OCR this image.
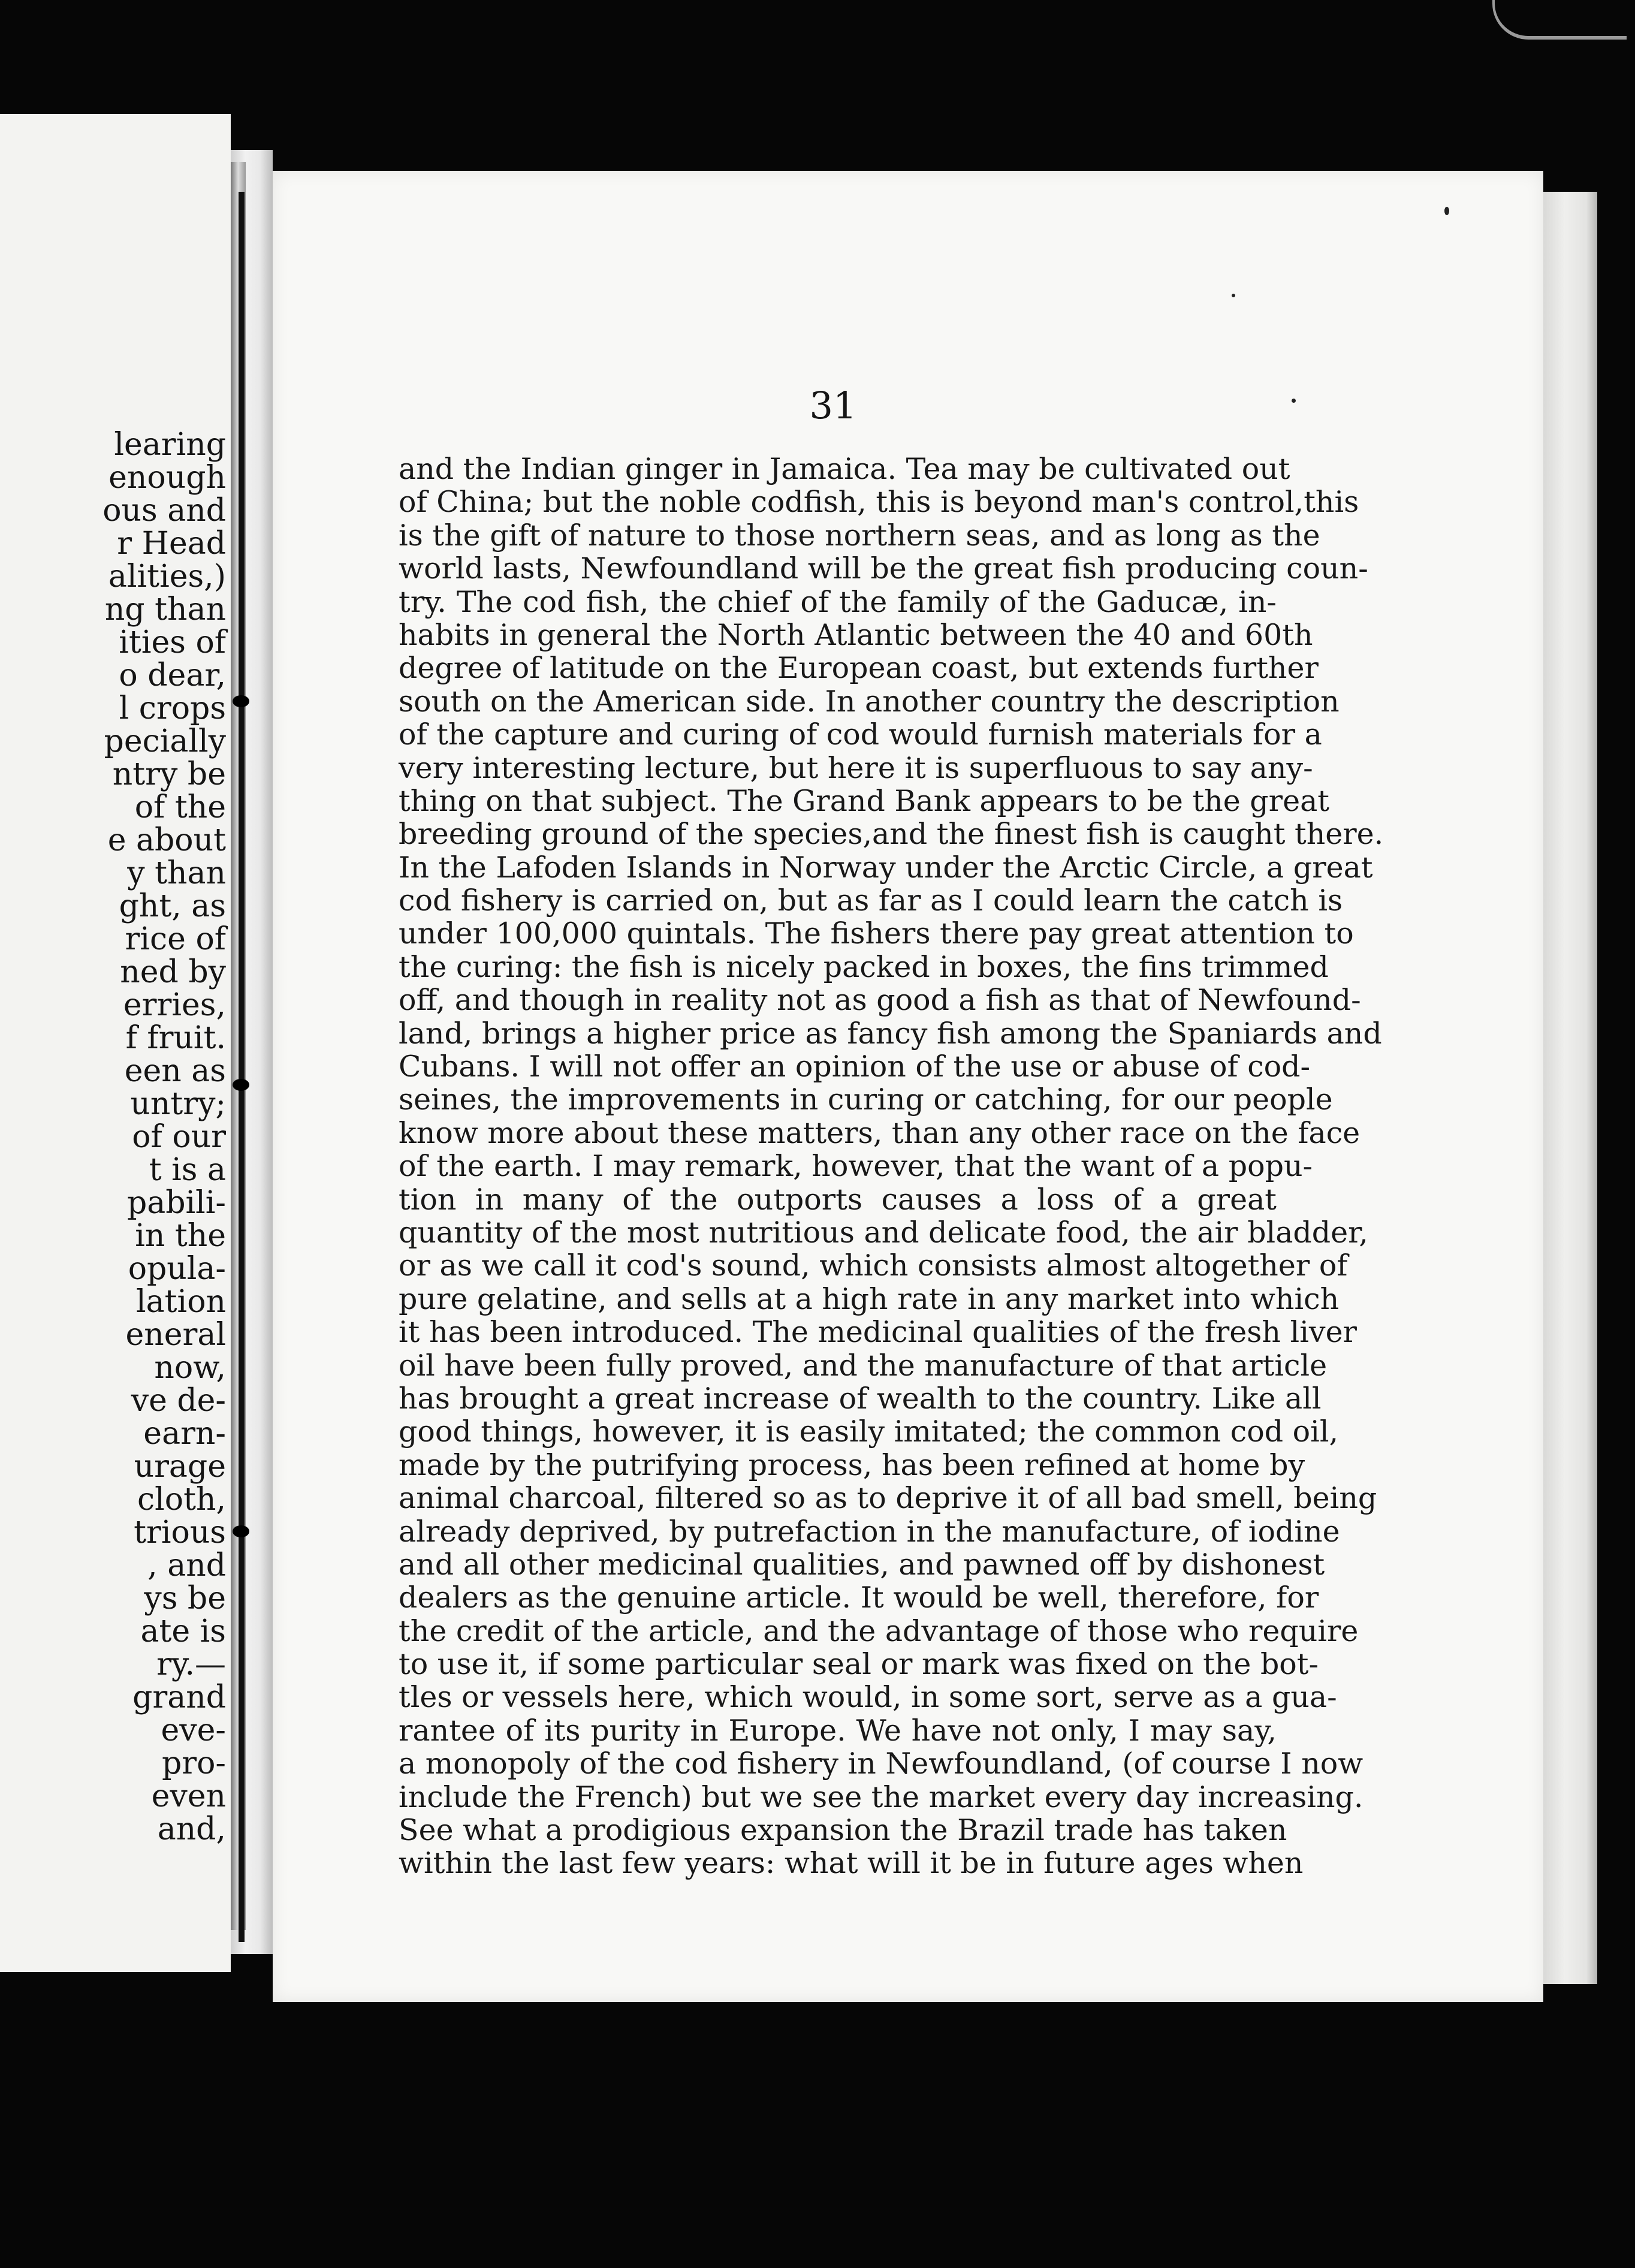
learing
enough
ous and
r Head
alities,)
ng than
ities of
o dear,
l crops
pecially
ntry be
of the
e about
y than
ght, as
rice of
ned by
erries,
f fruit.
een as
untry;
of our
t is a
pabili-
in the
opula-
lation
eneral
now,
ve de-
earn-
urage
cloth,
trious
, and
ys be
ate is
ry.—
grand
eve-
pro-
even
and,
31
and the Indian ginger in Jamaica. Tea may be cultivated out
of China; but the noble codfish, this is beyond man's control,this
is the gift of nature to those northern seas, and as long as the
world lasts, Newfoundland will be the great fish producing coun-
try. The cod fish, the chief of the family of the Gaducæ, in-
habits in general the North Atlantic between the 40 and 60th
degree of latitude on the European coast, but extends further
south on the American side. In another country the description
of the capture and curing of cod would furnish materials for a
very interesting lecture, but here it is superfluous to say any-
thing on that subject. The Grand Bank appears to be the great
breeding ground of the species,and the finest fish is caught there.
In the Lafoden Islands in Norway under the Arctic Circle, a great
cod fishery is carried on, but as far as I could learn the catch is
under 100,000 quintals. The fishers there pay great attention to
the curing: the fish is nicely packed in boxes, the fins trimmed
off, and though in reality not as good a fish as that of Newfound-
land, brings a higher price as fancy fish among the Spaniards and
Cubans. I will not offer an opinion of the use or abuse of cod-
seines, the improvements in curing or catching, for our people
know more about these matters, than any other race on the face
of the earth. I may remark, however, that the want of a popu-
tion in many of the outports causes a loss of a great
quantity of the most nutritious and delicate food, the air bladder,
or as we call it cod's sound, which consists almost altogether of
pure gelatine, and sells at a high rate in any market into which
it has been introduced. The medicinal qualities of the fresh liver
oil have been fully proved, and the manufacture of that article
has brought a great increase of wealth to the country. Like all
good things, however, it is easily imitated; the common cod oil,
made by the putrifying process, has been refined at home by
animal charcoal, filtered so as to deprive it of all bad smell, being
already deprived, by putrefaction in the manufacture, of iodine
and all other medicinal qualities, and pawned off by dishonest
dealers as the genuine article. It would be well, therefore, for
the credit of the article, and the advantage of those who require
to use it, if some particular seal or mark was fixed on the bot-
tles or vessels here, which would, in some sort, serve as a gua-
rantee of its purity in Europe. We have not only, I may say,
a monopoly of the cod fishery in Newfoundland, (of course I now
include the French) but we see the market every day increasing.
See what a prodigious expansion the Brazil trade has taken
within the last few years: what will it be in future ages when
